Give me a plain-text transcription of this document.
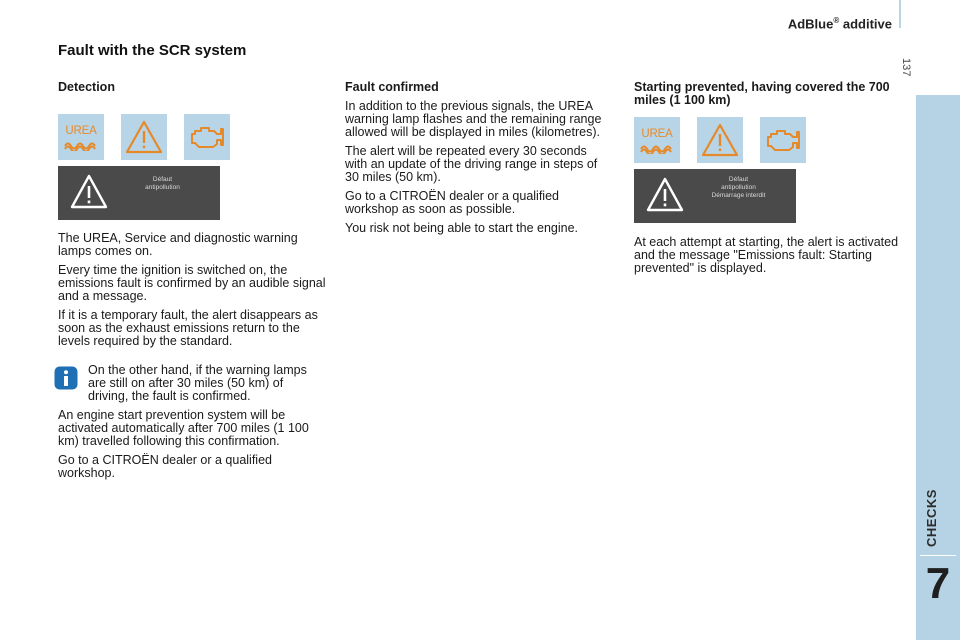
AdBlue® additive
137
CHECKS
7
Fault with the SCR system
Detection
UREA
Défaut
antipollution

The UREA, Service and diagnostic warning lamps comes on.

Every time the ignition is switched on, the emissions fault is confirmed by an audible signal and a message.

If it is a temporary fault, the alert disappears as soon as the exhaust emissions return to the levels required by the standard.

On the other hand, if the warning lamps are still on after 30 miles (50 km) of driving, the fault is confirmed.

An engine start prevention system will be activated automatically after 700 miles (1 100 km) travelled following this confirmation.

Go to a CITROËN dealer or a qualified workshop.

Fault confirmed

In addition to the previous signals, the UREA warning lamp flashes and the remaining range allowed will be displayed in miles (kilometres).

The alert will be repeated every 30 seconds with an update of the driving range in steps of 30 miles (50 km).

Go to a CITROËN dealer or a qualified workshop as soon as possible.

You risk not being able to start the engine.

Starting prevented, having covered the 700 miles (1 100 km)
UREA
Défaut
antipollution
Démarrage interdit

At each attempt at starting, the alert is activated and the message "Emissions fault: Starting prevented" is displayed.
